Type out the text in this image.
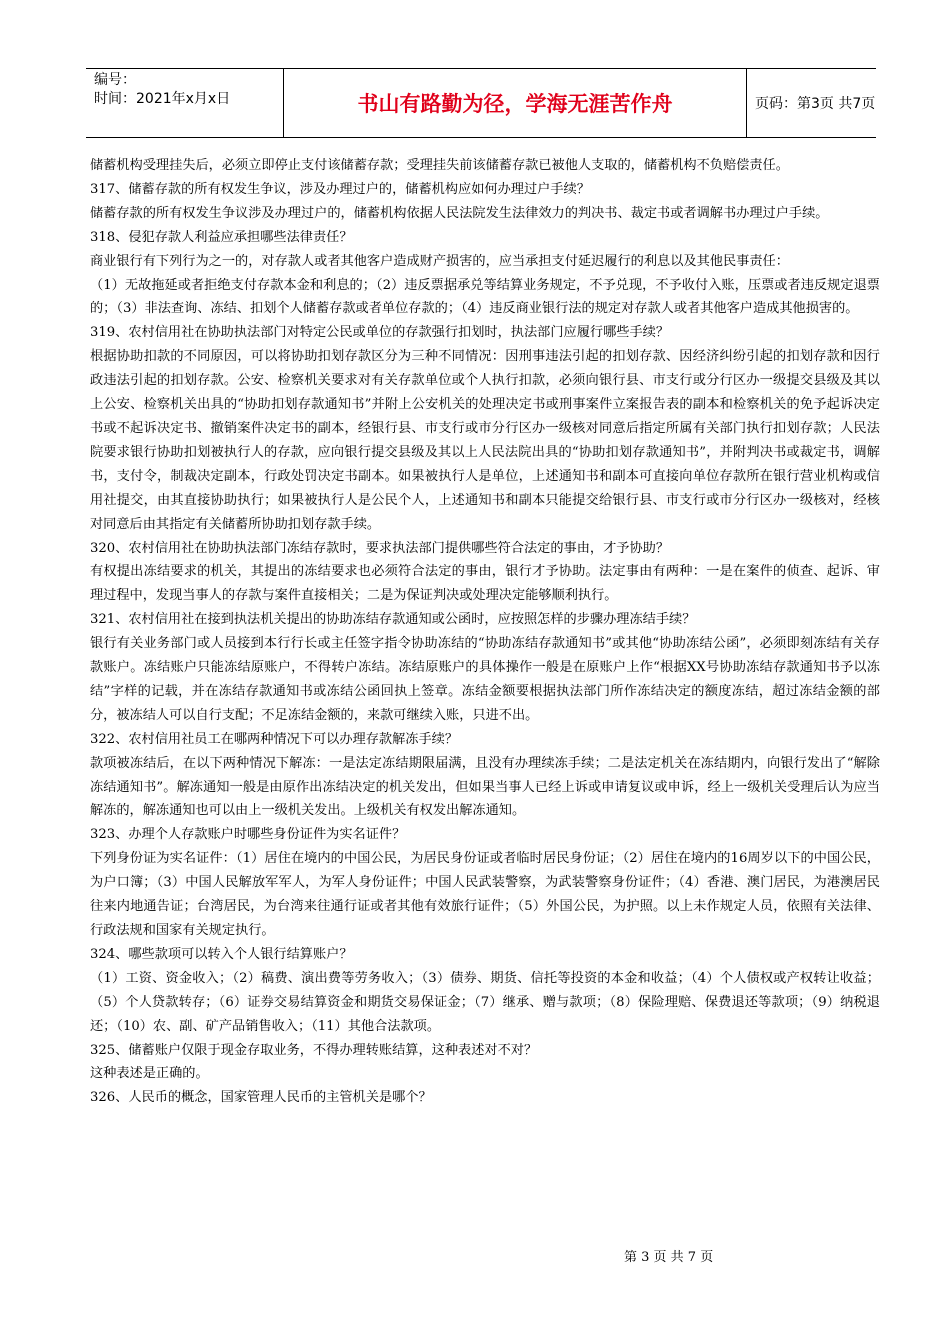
编号：
时间：2021年x月x日	书山有路勤为径，学海无涯苦作舟	页码：第3页 共7页

储蓄机构受理挂失后，必须立即停止支付该储蓄存款；受理挂失前该储蓄存款已被他人支取的，储蓄机构不负赔偿责任。

317、储蓄存款的所有权发生争议，涉及办理过户的，储蓄机构应如何办理过户手续？

储蓄存款的所有权发生争议涉及办理过户的，储蓄机构依据人民法院发生法律效力的判决书、裁定书或者调解书办理过户手续。

318、侵犯存款人利益应承担哪些法律责任？

商业银行有下列行为之一的，对存款人或者其他客户造成财产损害的，应当承担支付延迟履行的利息以及其他民事责任：

（1）无故拖延或者拒绝支付存款本金和利息的；（2）违反票据承兑等结算业务规定，不予兑现，不予收付入账，压票或者违反规定退票的；（3）非法查询、冻结、扣划个人储蓄存款或者单位存款的；（4）违反商业银行法的规定对存款人或者其他客户造成其他损害的。

319、农村信用社在协助执法部门对特定公民或单位的存款强行扣划时，执法部门应履行哪些手续？

根据协助扣款的不同原因，可以将协助扣划存款区分为三种不同情况：因刑事违法引起的扣划存款、因经济纠纷引起的扣划存款和因行政违法引起的扣划存款。公安、检察机关要求对有关存款单位或个人执行扣款，必须向银行县、市支行或分行区办一级提交县级及其以上公安、检察机关出具的“协助扣划存款通知书”并附上公安机关的处理决定书或刑事案件立案报告表的副本和检察机关的免予起诉决定书或不起诉决定书、撤销案件决定书的副本，经银行县、市支行或市分行区办一级核对同意后指定所属有关部门执行扣划存款；人民法院要求银行协助扣划被执行人的存款，应向银行提交县级及其以上人民法院出具的“协助扣划存款通知书”，并附判决书或裁定书，调解书，支付令，制裁决定副本，行政处罚决定书副本。如果被执行人是单位，上述通知书和副本可直接向单位存款所在银行营业机构或信用社提交，由其直接协助执行；如果被执行人是公民个人，上述通知书和副本只能提交给银行县、市支行或市分行区办一级核对，经核对同意后由其指定有关储蓄所协助扣划存款手续。

320、农村信用社在协助执法部门冻结存款时，要求执法部门提供哪些符合法定的事由，才予协助？

有权提出冻结要求的机关，其提出的冻结要求也必须符合法定的事由，银行才予协助。法定事由有两种：一是在案件的侦查、起诉、审理过程中，发现当事人的存款与案件直接相关；二是为保证判决或处理决定能够顺利执行。

321、农村信用社在接到执法机关提出的协助冻结存款通知或公函时，应按照怎样的步骤办理冻结手续？

银行有关业务部门或人员接到本行行长或主任签字指令协助冻结的“协助冻结存款通知书”或其他“协助冻结公函”，必须即刻冻结有关存款账户。冻结账户只能冻结原账户，不得转户冻结。冻结原账户的具体操作一般是在原账户上作“根据XX号协助冻结存款通知书予以冻结”字样的记载，并在冻结存款通知书或冻结公函回执上签章。冻结金额要根据执法部门所作冻结决定的额度冻结，超过冻结金额的部分，被冻结人可以自行支配；不足冻结金额的，来款可继续入账，只进不出。

322、农村信用社员工在哪两种情况下可以办理存款解冻手续？

款项被冻结后，在以下两种情况下解冻：一是法定冻结期限届满，且没有办理续冻手续；二是法定机关在冻结期内，向银行发出了“解除冻结通知书”。解冻通知一般是由原作出冻结决定的机关发出，但如果当事人已经上诉或申请复议或申诉，经上一级机关受理后认为应当解冻的，解冻通知也可以由上一级机关发出。上级机关有权发出解冻通知。

323、办理个人存款账户时哪些身份证件为实名证件？

下列身份证为实名证件：（1）居住在境内的中国公民，为居民身份证或者临时居民身份证；（2）居住在境内的16周岁以下的中国公民，为户口簿；（3）中国人民解放军军人，为军人身份证件；中国人民武装警察，为武装警察身份证件；（4）香港、澳门居民，为港澳居民往来内地通告证；台湾居民，为台湾来往通行证或者其他有效旅行证件；（5）外国公民，为护照。以上未作规定人员，依照有关法律、行政法规和国家有关规定执行。

324、哪些款项可以转入个人银行结算账户？

（1）工资、资金收入；（2）稿费、演出费等劳务收入；（3）债券、期货、信托等投资的本金和收益；（4）个人债权或产权转让收益；（5）个人贷款转存；（6）证券交易结算资金和期货交易保证金；（7）继承、赠与款项；（8）保险理赔、保费退还等款项；（9）纳税退还；（10）农、副、矿产品销售收入；（11）其他合法款项。

325、储蓄账户仅限于现金存取业务，不得办理转账结算，这种表述对不对？

这种表述是正确的。

326、人民币的概念，国家管理人民币的主管机关是哪个？

第 3 页 共 7 页
